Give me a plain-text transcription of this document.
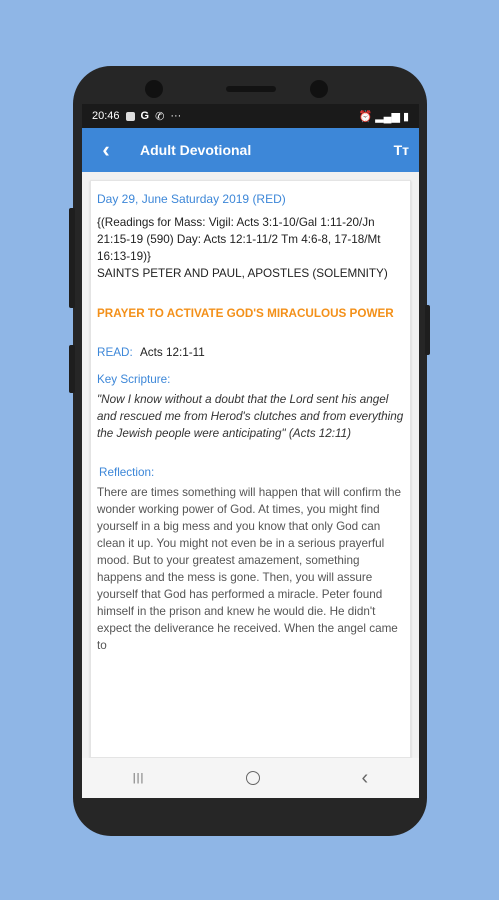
20:46 G ✆ ···	⏰ ▂▄▆ ▮
‹	Adult Devotional	Tт
Day 29, June Saturday 2019 (RED)
{(Readings for Mass: Vigil: Acts 3:1-10/Gal 1:11-20/Jn 21:15-19 (590) Day: Acts 12:1-11/2 Tm 4:6-8, 17-18/Mt 16:13-19)}
SAINTS PETER AND PAUL, APOSTLES (SOLEMNITY)
PRAYER TO ACTIVATE GOD'S MIRACULOUS POWER
READ: Acts 12:1-11
Key Scripture:
"Now I know without a doubt that the Lord sent his angel and rescued me from Herod's clutches and from everything the Jewish people were anticipating" (Acts 12:11)
Reflection:
There are times something will happen that will confirm the wonder working power of God. At times, you might find yourself in a big mess and you know that only God can clean it up. You might not even be in a serious prayerful mood. But to your greatest amazement, something happens and the mess is gone. Then, you will assure yourself that God has performed a miracle. Peter found himself in the prison and knew he would die. He didn't expect the deliverance he received. When the angel came to
|||	‹
